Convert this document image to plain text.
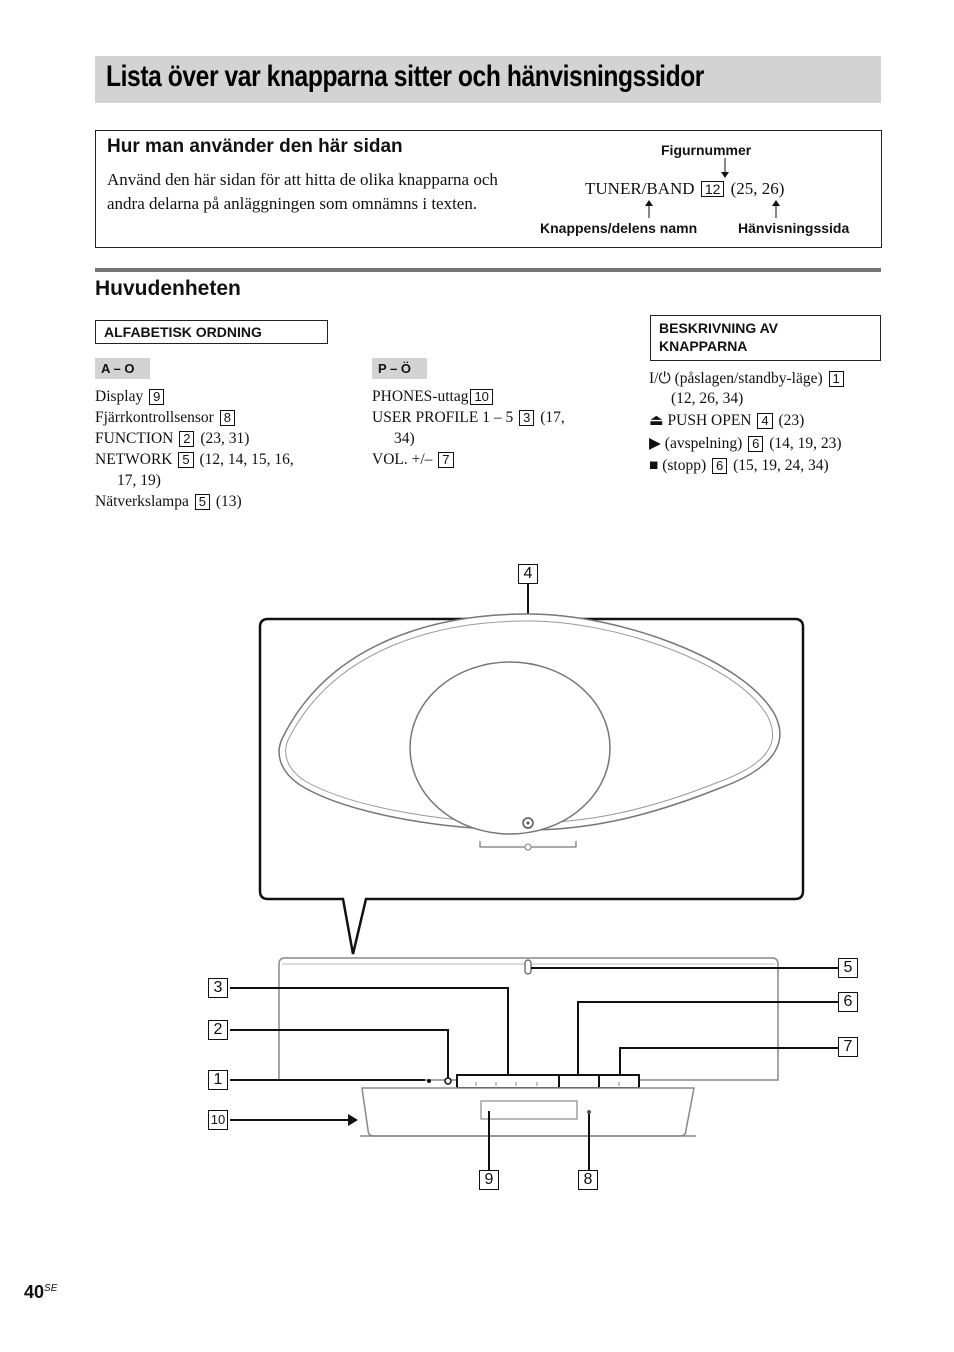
Lista över var knapparna sitter och hänvisningssidor
Hur man använder den här sidan
Använd den här sidan för att hitta de olika knapparna och andra delarna på anläggningen som omnämns i texten.
Figurnummer
TUNER/BAND 12 (25, 26)
Knappens/delens namn	Hänvisningssida
Huvudenheten
ALFABETISK ORDNING	BESKRIVNING AV
KNAPPARNA
A – O
Display 9
Fjärrkontrollsensor 8
FUNCTION 2 (23, 31)
NETWORK 5 (12, 14, 15, 16,
17, 19)
Nätverkslampa 5 (13)
P – Ö
PHONES-uttag 10
USER PROFILE 1 – 5 3 (17,
34)
VOL. +/– 7
I/⏻ (påslagen/standby-läge) 1
(12, 26, 34)
⏏ PUSH OPEN 4 (23)
▶ (avspelning) 6 (14, 19, 23)
■ (stopp) 6 (15, 19, 24, 34)
4
3
2
1
10
5
6
7
9	8
$40^{SE}$
